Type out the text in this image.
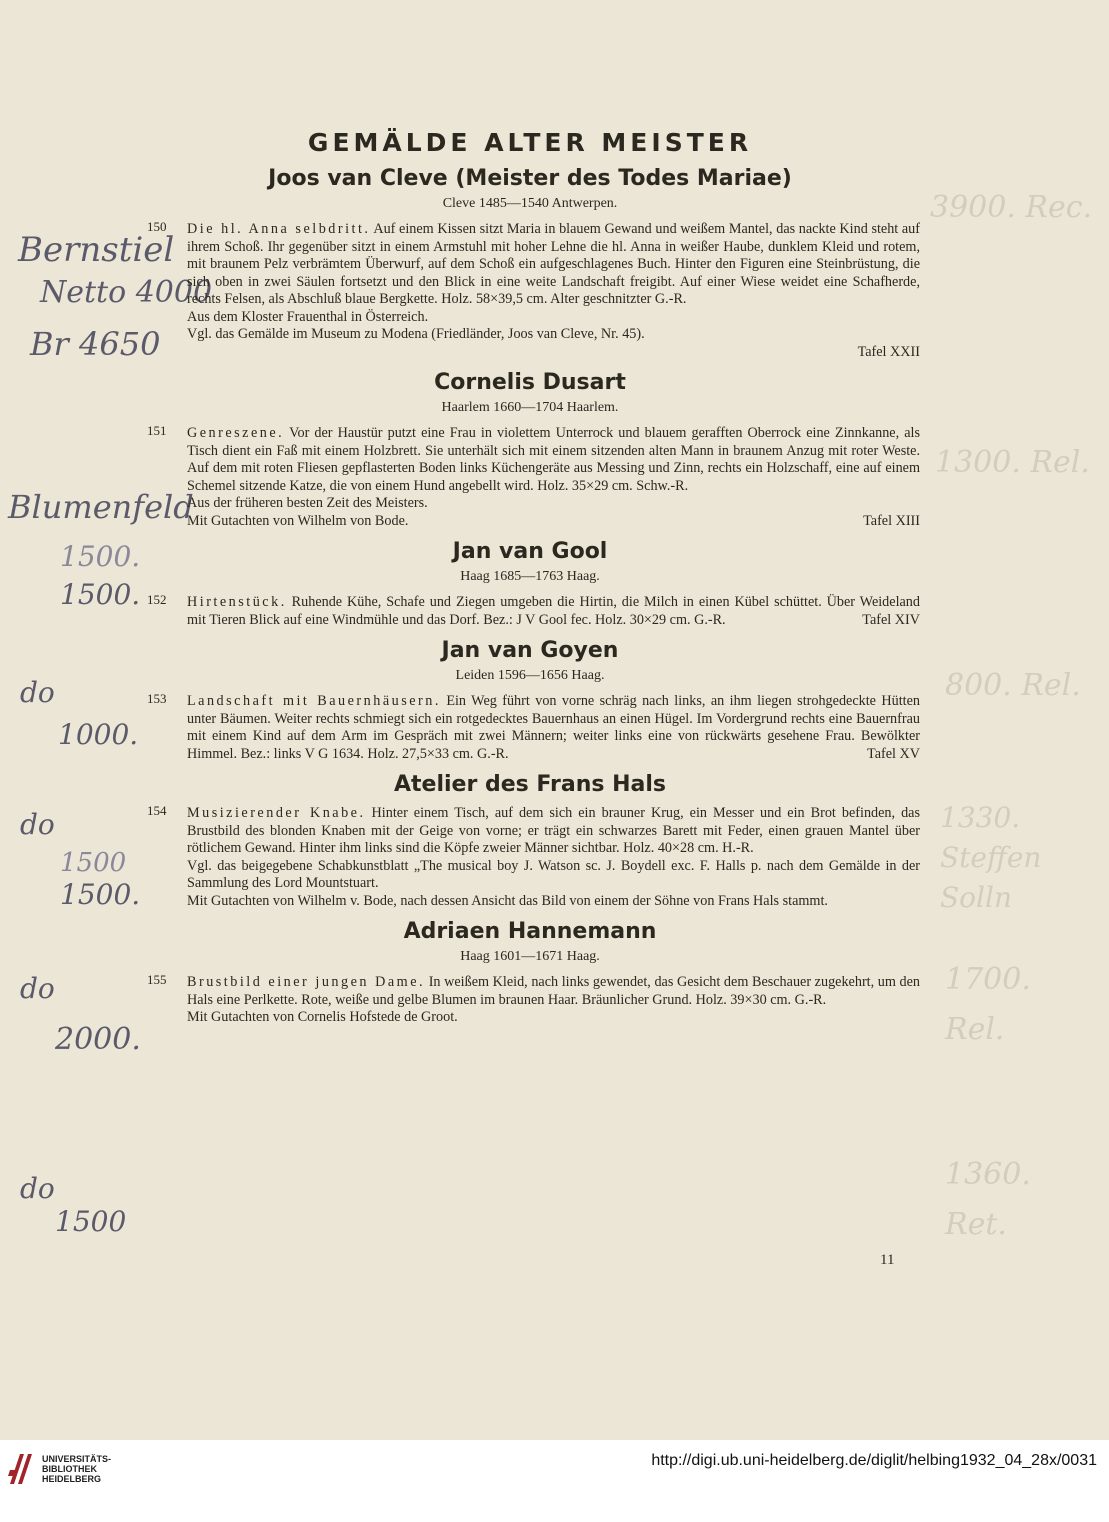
Bernstiel
Netto 4000
Br 4650
Blumenfeld
1500.
1500.
do
1000.
do
1500
1500.
do
2000.
do
1500
3900. Rec.
1300. Rel.
800. Rel.
1330. Steffen Solln
1700. Rel.
1360. Ret.
GEMÄLDE ALTER MEISTER
Joos van Cleve (Meister des Todes Mariae)
Cleve 1485—1540 Antwerpen.
150 Die hl. Anna selbdritt. Auf einem Kissen sitzt Maria in blauem Gewand und weißem Mantel, das nackte Kind steht auf ihrem Schoß. Ihr gegenüber sitzt in einem Armstuhl mit hoher Lehne die hl. Anna in weißer Haube, dunklem Kleid und rotem, mit braunem Pelz verbrämtem Überwurf, auf dem Schoß ein aufgeschlagenes Buch. Hinter den Figuren eine Steinbrüstung, die sich oben in zwei Säulen fortsetzt und den Blick in eine weite Landschaft freigibt. Auf einer Wiese weidet eine Schafherde, rechts Felsen, als Abschluß blaue Bergkette. Holz. 58×39,5 cm. Alter geschnitzter G.-R.

Aus dem Kloster Frauenthal in Österreich.

Vgl. das Gemälde im Museum zu Modena (Friedländer, Joos van Cleve, Nr. 45).

Tafel XXII

Cornelis Dusart
Haarlem 1660—1704 Haarlem.
151 Genreszene. Vor der Haustür putzt eine Frau in violettem Unterrock und blauem gerafften Oberrock eine Zinnkanne, als Tisch dient ein Faß mit einem Holzbrett. Sie unterhält sich mit einem sitzenden alten Mann in braunem Anzug mit roter Weste. Auf dem mit roten Fliesen gepflasterten Boden links Küchengeräte aus Messing und Zinn, rechts ein Holzschaff, eine auf einem Schemel sitzende Katze, die von einem Hund angebellt wird. Holz. 35×29 cm. Schw.-R.

Aus der früheren besten Zeit des Meisters.

Mit Gutachten von Wilhelm von Bode.	Tafel XIII

Jan van Gool
Haag 1685—1763 Haag.
152 Hirtenstück. Ruhende Kühe, Schafe und Ziegen umgeben die Hirtin, die Milch in einen Kübel schüttet. Über Weideland mit Tieren Blick auf eine Windmühle und das Dorf. Bez.: J V Gool fec. Holz. 30×29 cm. G.-R.	Tafel XIV

Jan van Goyen
Leiden 1596—1656 Haag.
153 Landschaft mit Bauernhäusern. Ein Weg führt von vorne schräg nach links, an ihm liegen strohgedeckte Hütten unter Bäumen. Weiter rechts schmiegt sich ein rotgedecktes Bauernhaus an einen Hügel. Im Vordergrund rechts eine Bauernfrau mit einem Kind auf dem Arm im Gespräch mit zwei Männern; weiter links eine von rückwärts gesehene Frau. Bewölkter Himmel. Bez.: links V G 1634. Holz. 27,5×33 cm. G.-R.	Tafel XV

Atelier des Frans Hals
154 Musizierender Knabe. Hinter einem Tisch, auf dem sich ein brauner Krug, ein Messer und ein Brot befinden, das Brustbild des blonden Knaben mit der Geige von vorne; er trägt ein schwarzes Barett mit Feder, einen grauen Mantel über rötlichem Gewand. Hinter ihm links sind die Köpfe zweier Männer sichtbar. Holz. 40×28 cm. H.-R.

Vgl. das beigegebene Schabkunstblatt „The musical boy J. Watson sc. J. Boydell exc. F. Halls p. nach dem Gemälde in der Sammlung des Lord Mountstuart.

Mit Gutachten von Wilhelm v. Bode, nach dessen Ansicht das Bild von einem der Söhne von Frans Hals stammt.

Adriaen Hannemann
Haag 1601—1671 Haag.
155 Brustbild einer jungen Dame. In weißem Kleid, nach links gewendet, das Gesicht dem Beschauer zugekehrt, um den Hals eine Perlkette. Rote, weiße und gelbe Blumen im braunen Haar. Bräunlicher Grund. Holz. 39×30 cm. G.-R.

Mit Gutachten von Cornelis Hofstede de Groot.

11
UNIVERSITÄTS-
BIBLIOTHEK
HEIDELBERG
http://digi.ub.uni-heidelberg.de/diglit/helbing1932_04_28x/0031
